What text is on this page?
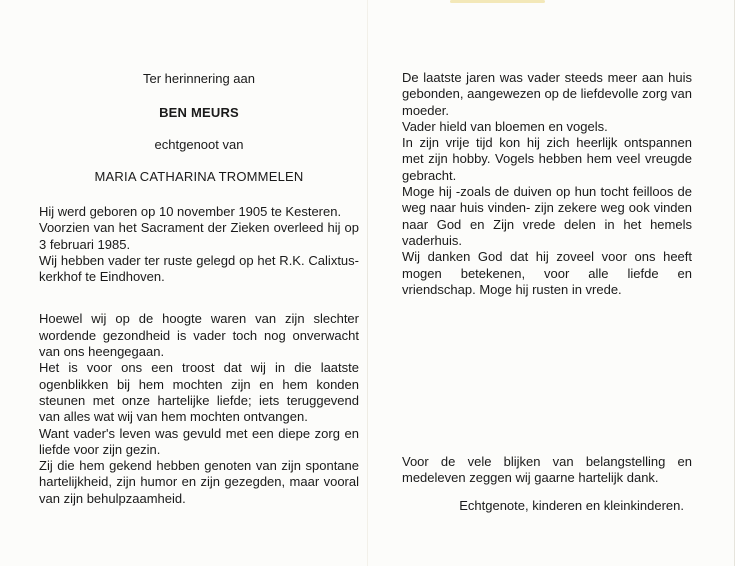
Ter herinnering aan
BEN MEURS
echtgenoot van
MARIA CATHARINA TROMMELEN

Hij werd geboren op 10 november 1905 te Kesteren.

Voorzien van het Sacrament der Zieken overleed hij op 3 februari 1985.

Wij hebben vader ter ruste gelegd op het R.K. Calixtus-kerkhof te Eindhoven.

Hoewel wij op de hoogte waren van zijn slechter wordende gezondheid is vader toch nog onverwacht van ons heengegaan.

Het is voor ons een troost dat wij in die laatste ogenblikken bij hem mochten zijn en hem konden steunen met onze hartelijke liefde; iets teruggevend van alles wat wij van hem mochten ontvangen.

Want vader's leven was gevuld met een diepe zorg en liefde voor zijn gezin.

Zij die hem gekend hebben genoten van zijn spontane hartelijkheid, zijn humor en zijn gezegden, maar vooral van zijn behulpzaamheid.

De laatste jaren was vader steeds meer aan huis gebonden, aangewezen op de liefdevolle zorg van moeder.

Vader hield van bloemen en vogels.

In zijn vrije tijd kon hij zich heerlijk ontspannen met zijn hobby. Vogels hebben hem veel vreugde gebracht.

Moge hij -zoals de duiven op hun tocht feilloos de weg naar huis vinden- zijn zekere weg ook vinden naar God en Zijn vrede delen in het hemels vaderhuis.

Wij danken God dat hij zoveel voor ons heeft mogen betekenen, voor alle liefde en vriendschap. Moge hij rusten in vrede.

Voor de vele blijken van belangstelling en medeleven zeggen wij gaarne hartelijk dank.

Echtgenote, kinderen en kleinkinderen.
